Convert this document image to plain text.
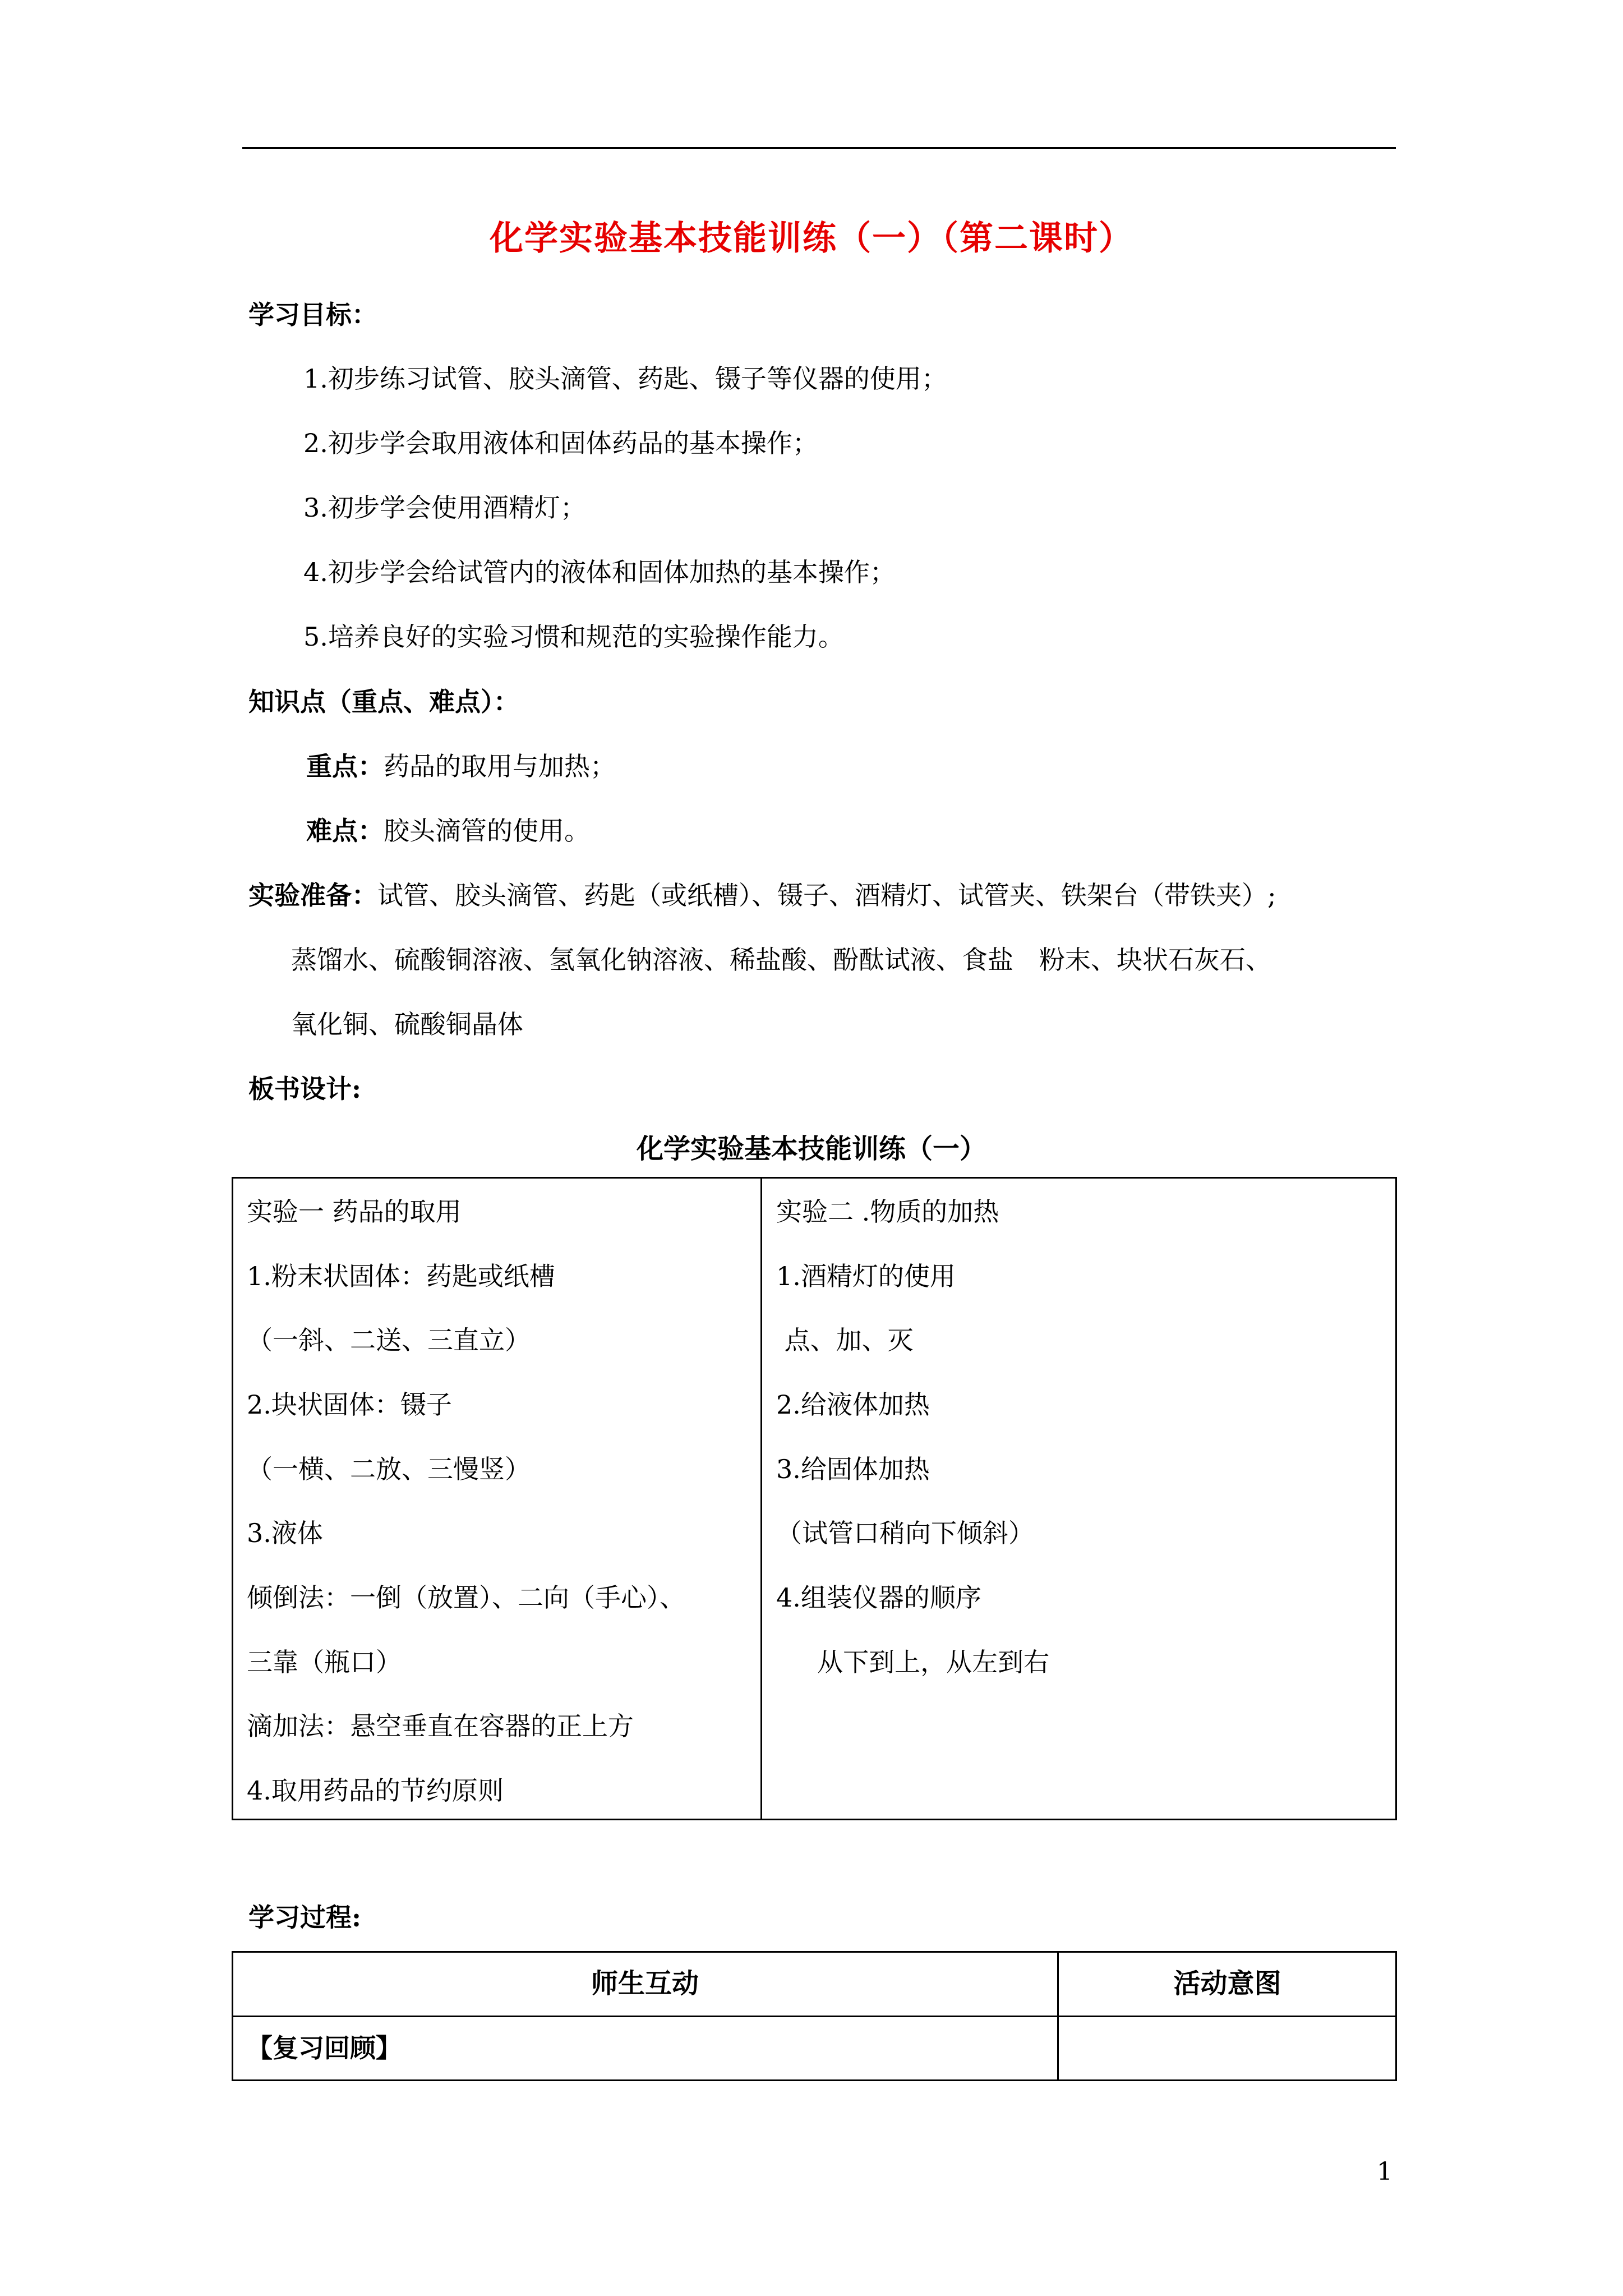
化学实验基本技能训练（一）（第二课时）
学习目标：
1.初步练习试管、胶头滴管、药匙、镊子等仪器的使用；
2.初步学会取用液体和固体药品的基本操作；
3.初步学会使用酒精灯；
4.初步学会给试管内的液体和固体加热的基本操作；
5.培养良好的实验习惯和规范的实验操作能力。
知识点（重点、难点）：
重点：药品的取用与加热；
难点：胶头滴管的使用。
实验准备：试管、胶头滴管、药匙（或纸槽）、镊子、酒精灯、试管夹、铁架台（带铁夹）;
蒸馏水、硫酸铜溶液、氢氧化钠溶液、稀盐酸、酚酞试液、食盐　粉末、块状石灰石、
氧化铜、硫酸铜晶体
板书设计:
化学实验基本技能训练（一）
实验一 药品的取用
1.粉末状固体：药匙或纸槽
（一斜、二送、三直立）
2.块状固体：镊子
（一横、二放、三慢竖）
3.液体
倾倒法：一倒（放置）、二向（手心）、
三靠（瓶口）
滴加法：悬空垂直在容器的正上方
4.取用药品的节约原则
实验二 .物质的加热
1.酒精灯的使用
点、加、灭
2.给液体加热
3.给固体加热
（试管口稍向下倾斜）
4.组装仪器的顺序
从下到上，从左到右
学习过程:
师生互动	活动意图
【复习回顾】
1
